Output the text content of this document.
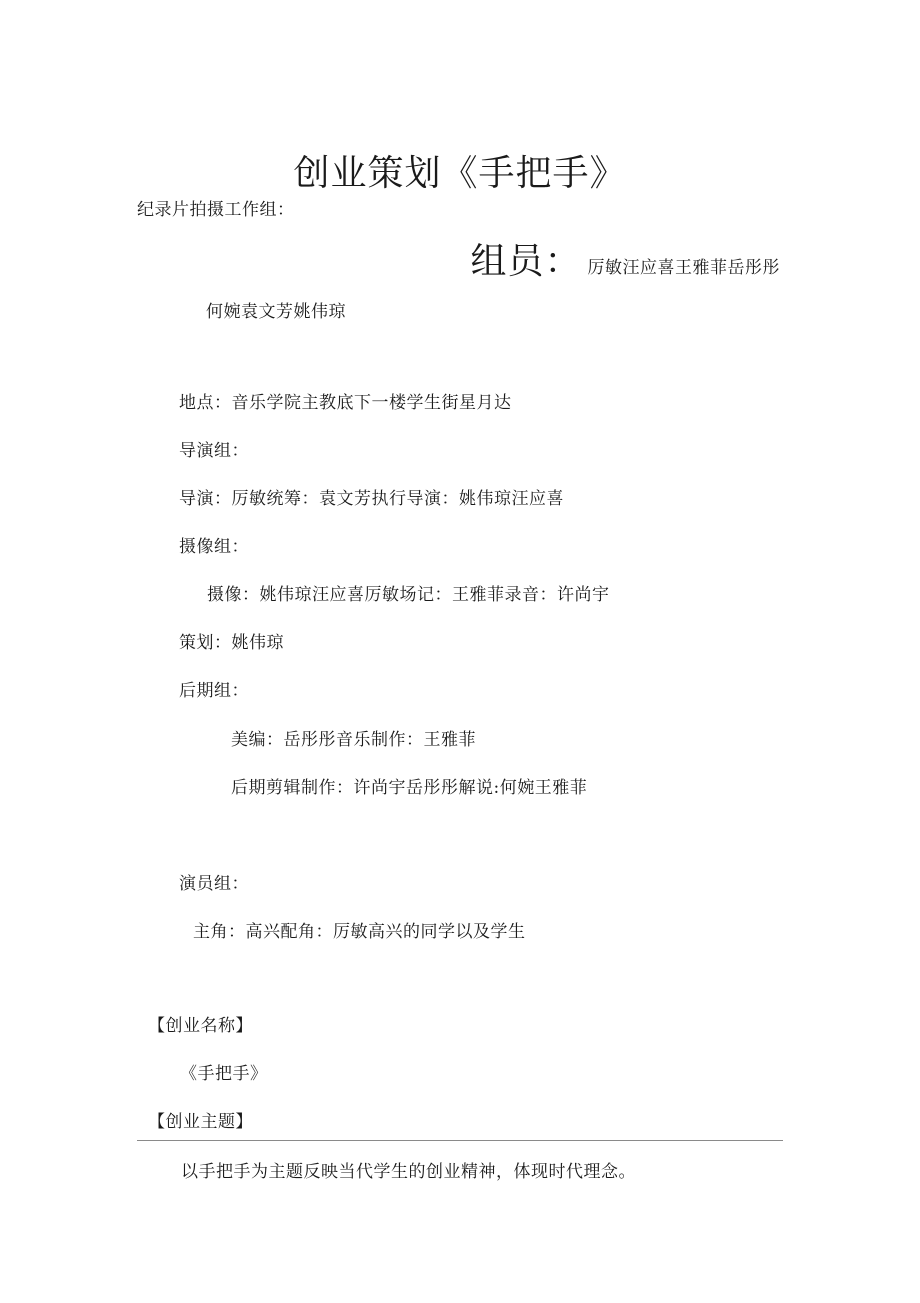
创业策划《手把手》
纪录片拍摄工作组：
组员： 厉敏汪应喜王雅菲岳彤彤
何婉袁文芳姚伟琼
地点：音乐学院主教底下一楼学生街星月达
导演组：
导演：厉敏统筹：袁文芳执行导演：姚伟琼汪应喜
摄像组：
摄像：姚伟琼汪应喜厉敏场记：王雅菲录音：许尚宇
策划：姚伟琼
后期组：
美编：岳彤彤音乐制作：王雅菲
后期剪辑制作：许尚宇岳彤彤解说:何婉王雅菲
演员组：
主角：高兴配角：厉敏高兴的同学以及学生
【创业名称】
《手把手》
【创业主题】
以手把手为主题反映当代学生的创业精神，体现时代理念。
